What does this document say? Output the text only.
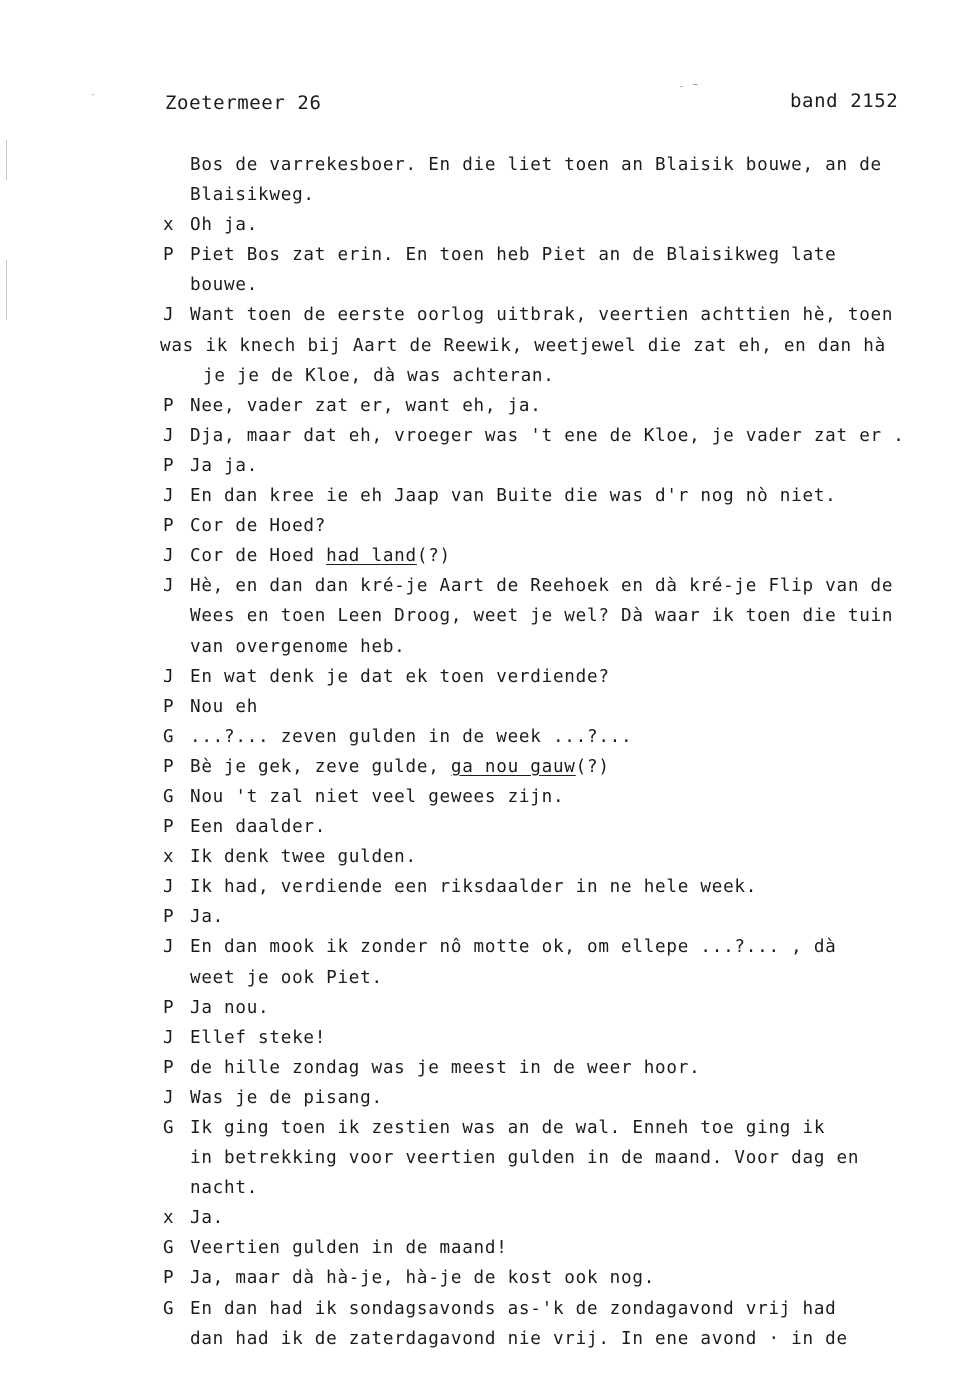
Zoetermeer 26	band 2152
Bos de varrekesboer. En die liet toen an Blaisik bouwe, an de
Blaisikweg.
x Oh ja.
P Piet Bos zat erin. En toen heb Piet an de Blaisikweg late
bouwe.
J Want toen de eerste oorlog uitbrak, veertien achttien hè, toen
was ik knech bij Aart de Reewik, weetjewel die zat eh, en dan hà
je je de Kloe, dà was achteran.
P Nee, vader zat er, want eh, ja.
J Dja, maar dat eh, vroeger was 't ene de Kloe, je vader zat er .
P Ja ja.
J En dan kree ie eh Jaap van Buite die was d'r nog nò niet.
P Cor de Hoed?
J Cor de Hoed had land(?)
J Hè, en dan dan kré-je Aart de Reehoek en dà kré-je Flip van de
Wees en toen Leen Droog, weet je wel? Dà waar ik toen die tuin
van overgenome heb.
J En wat denk je dat ek toen verdiende?
P Nou eh
G ...?... zeven gulden in de week ...?...
P Bè je gek, zeve gulde, ga nou gauw(?)
G Nou 't zal niet veel gewees zijn.
P Een daalder.
x Ik denk twee gulden.
J Ik had, verdiende een riksdaalder in ne hele week.
P Ja.
J En dan mook ik zonder nô motte ok, om ellepe ...?... , dà
weet je ook Piet.
P Ja nou.
J Ellef steke!
P de hille zondag was je meest in de weer hoor.
J Was je de pisang.
G Ik ging toen ik zestien was an de wal. Enneh toe ging ik
in betrekking voor veertien gulden in de maand. Voor dag en
nacht.
x Ja.
G Veertien gulden in de maand!
P Ja, maar dà hà-je, hà-je de kost ook nog.
G En dan had ik sondagsavonds as-'k de zondagavond vrij had
dan had ik de zaterdagavond nie vrij. In ene avond · in de
